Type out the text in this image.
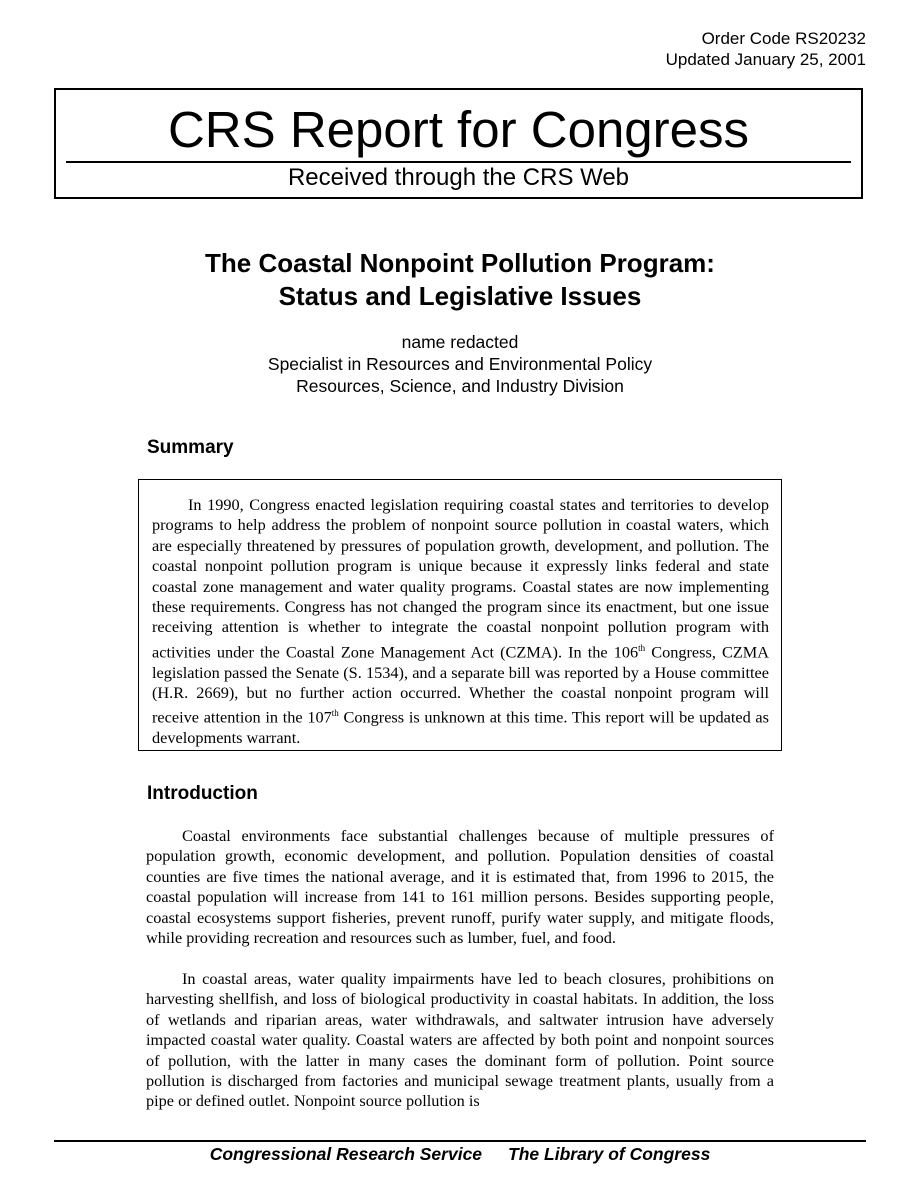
Order Code RS20232
Updated January 25, 2001
CRS Report for Congress
Received through the CRS Web
The Coastal Nonpoint Pollution Program:
Status and Legislative Issues
name redacted
Specialist in Resources and Environmental Policy
Resources, Science, and Industry Division
Summary

In 1990, Congress enacted legislation requiring coastal states and territories to develop programs to help address the problem of nonpoint source pollution in coastal waters, which are especially threatened by pressures of population growth, development, and pollution. The coastal nonpoint pollution program is unique because it expressly links federal and state coastal zone management and water quality programs. Coastal states are now implementing these requirements. Congress has not changed the program since its enactment, but one issue receiving attention is whether to integrate the coastal nonpoint pollution program with activities under the Coastal Zone Management Act (CZMA). In the 106th Congress, CZMA legislation passed the Senate (S. 1534), and a separate bill was reported by a House committee (H.R. 2669), but no further action occurred. Whether the coastal nonpoint program will receive attention in the 107th Congress is unknown at this time. This report will be updated as developments warrant.

Introduction

Coastal environments face substantial challenges because of multiple pressures of population growth, economic development, and pollution. Population densities of coastal counties are five times the national average, and it is estimated that, from 1996 to 2015, the coastal population will increase from 141 to 161 million persons. Besides supporting people, coastal ecosystems support fisheries, prevent runoff, purify water supply, and mitigate floods, while providing recreation and resources such as lumber, fuel, and food.

In coastal areas, water quality impairments have led to beach closures, prohibitions on harvesting shellfish, and loss of biological productivity in coastal habitats. In addition, the loss of wetlands and riparian areas, water withdrawals, and saltwater intrusion have adversely impacted coastal water quality. Coastal waters are affected by both point and nonpoint sources of pollution, with the latter in many cases the dominant form of pollution. Point source pollution is discharged from factories and municipal sewage treatment plants, usually from a pipe or defined outlet. Nonpoint source pollution is

Congressional Research Service The Library of Congress
